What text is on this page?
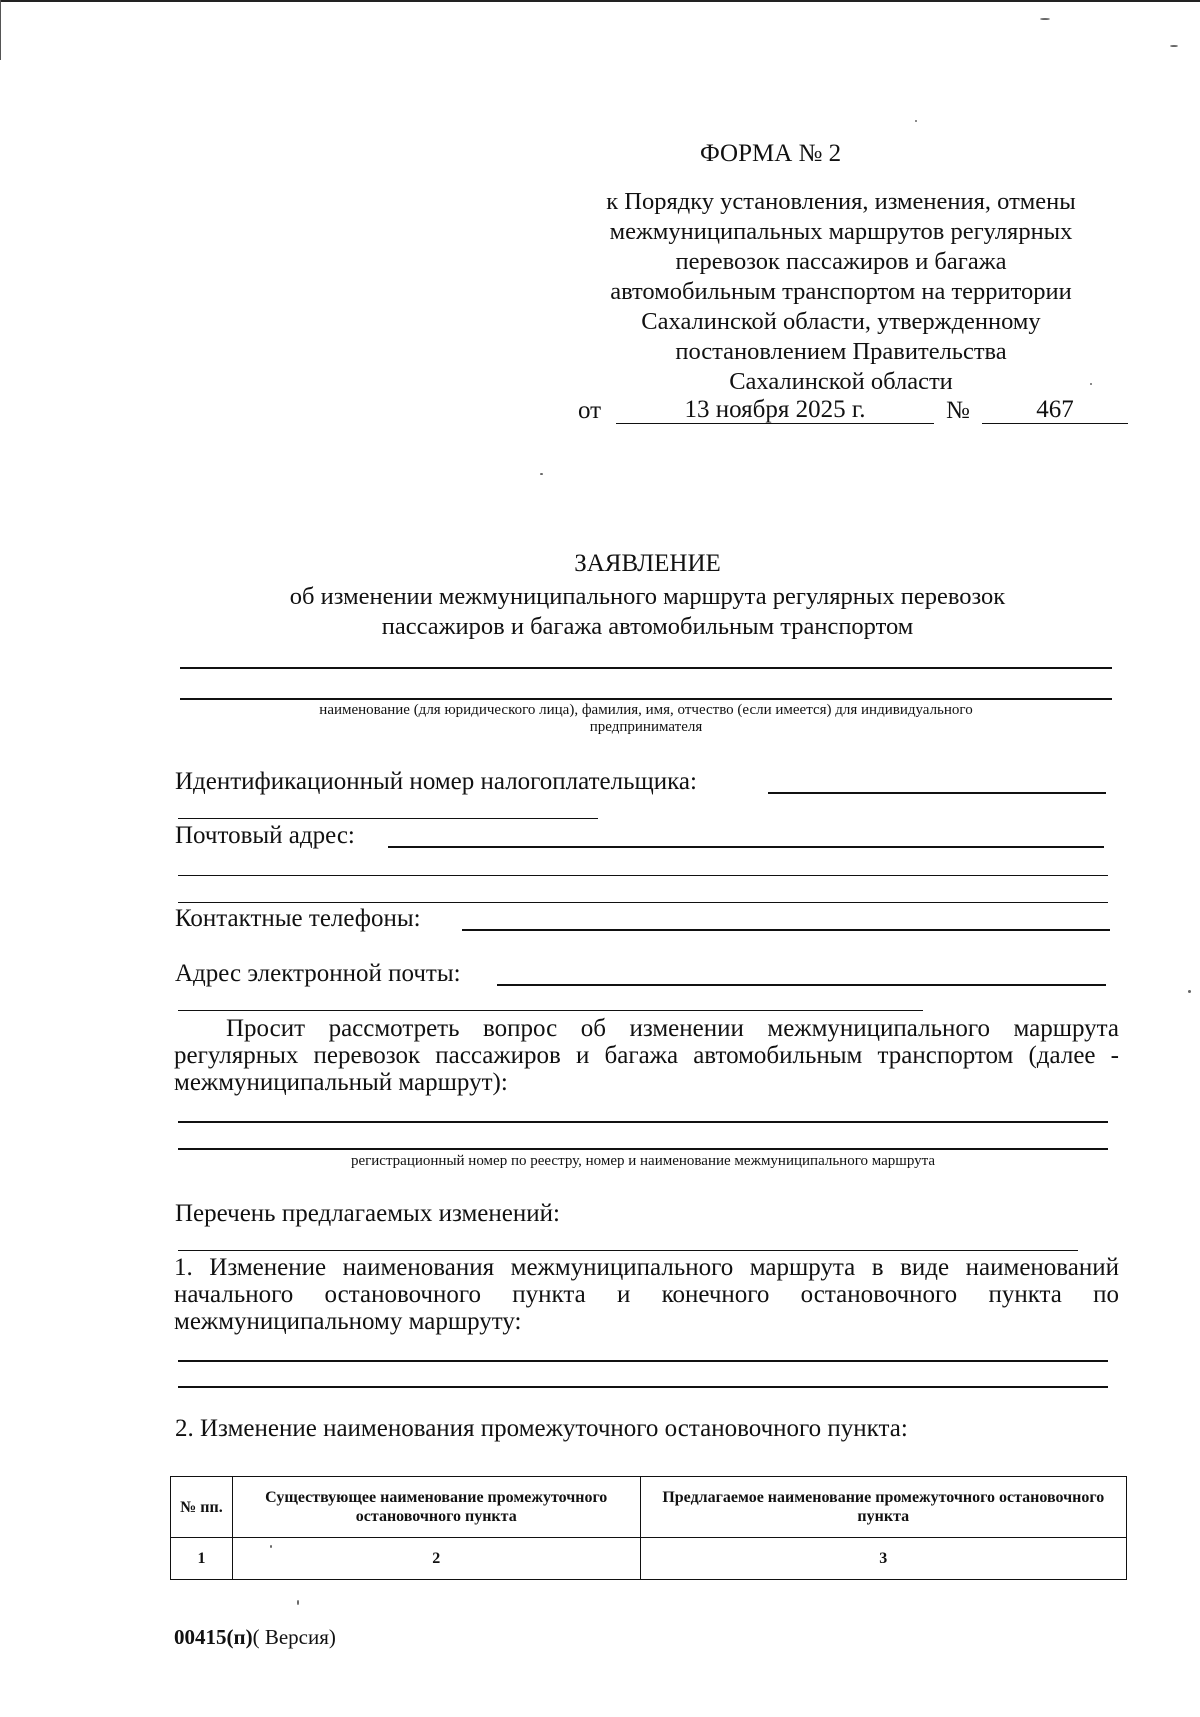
ФОРМА № 2
к Порядку установления, изменения, отмены
межмуниципальных маршрутов регулярных
перевозок пассажиров и багажа
автомобильным транспортом на территории
Сахалинской области, утвержденному
постановлением Правительства
Сахалинской области
от	13 ноября 2025 г.	№	467
ЗАЯВЛЕНИЕ
об изменении межмуниципального маршрута регулярных перевозок
пассажиров и багажа автомобильным транспортом
наименование (для юридического лица), фамилия, имя, отчество (если имеется) для индивидуального
предпринимателя
Идентификационный номер налогоплательщика:
Почтовый адрес:
Контактные телефоны:
Адрес электронной почты:
Просит рассмотреть вопрос об изменении межмуниципального маршрута регулярных перевозок пассажиров и багажа автомобильным транспортом (далее - межмуниципальный маршрут):
регистрационный номер по реестру, номер и наименование межмуниципального маршрута
Перечень предлагаемых изменений:
1. Изменение наименования межмуниципального маршрута в виде наименований начального остановочного пункта и конечного остановочного пункта по межмуниципальному маршруту:
2. Изменение наименования промежуточного остановочного пункта:
№ пп.	Существующее наименование промежуточного остановочного пункта	Предлагаемое наименование промежуточного остановочного пункта
1	2	3
00415(п)( Версия)
